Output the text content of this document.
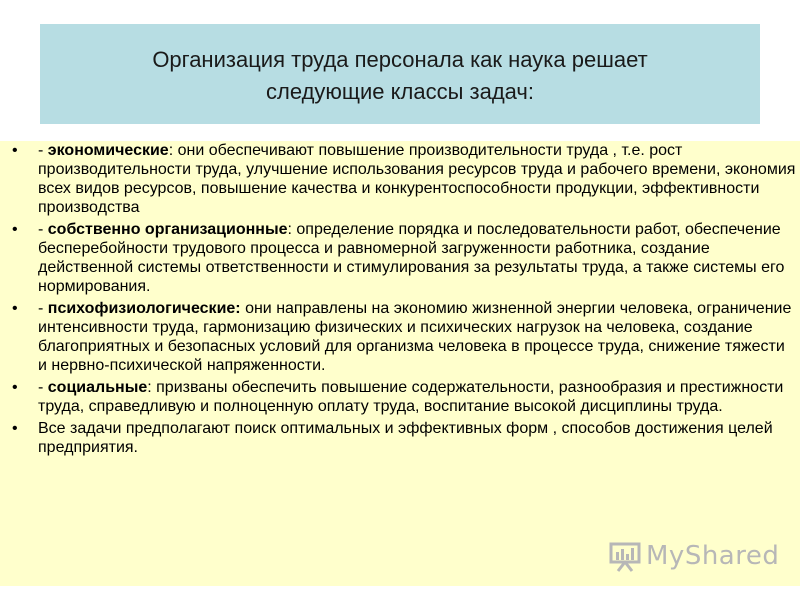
Организация труда персонала как наука решает
следующие классы задач:
• - экономические: они обеспечивают повышение производительности труда , т.е. рост производительности труда, улучшение использования ресурсов труда и рабочего времени, экономия всех видов ресурсов, повышение качества и конкурентоспособности продукции, эффективности производства
• - собственно организационные: определение порядка и последовательности работ, обеспечение бесперебойности трудового процесса и равномерной загруженности работника, создание действенной системы ответственности и стимулирования за результаты труда, а также системы его нормирования.
• - психофизиологические: они направлены на экономию жизненной энергии человека, ограничение интенсивности труда, гармонизацию физических и психических нагрузок на человека, создание благоприятных и безопасных условий для организма человека в процессе труда, снижение тяжести и нервно-психической напряженности.
• - социальные: призваны обеспечить повышение содержательности, разнообразия и престижности труда, справедливую и полноценную оплату труда, воспитание высокой дисциплины труда.
• Все задачи предполагают поиск оптимальных и эффективных форм , способов достижения целей предприятия.
MyShared
